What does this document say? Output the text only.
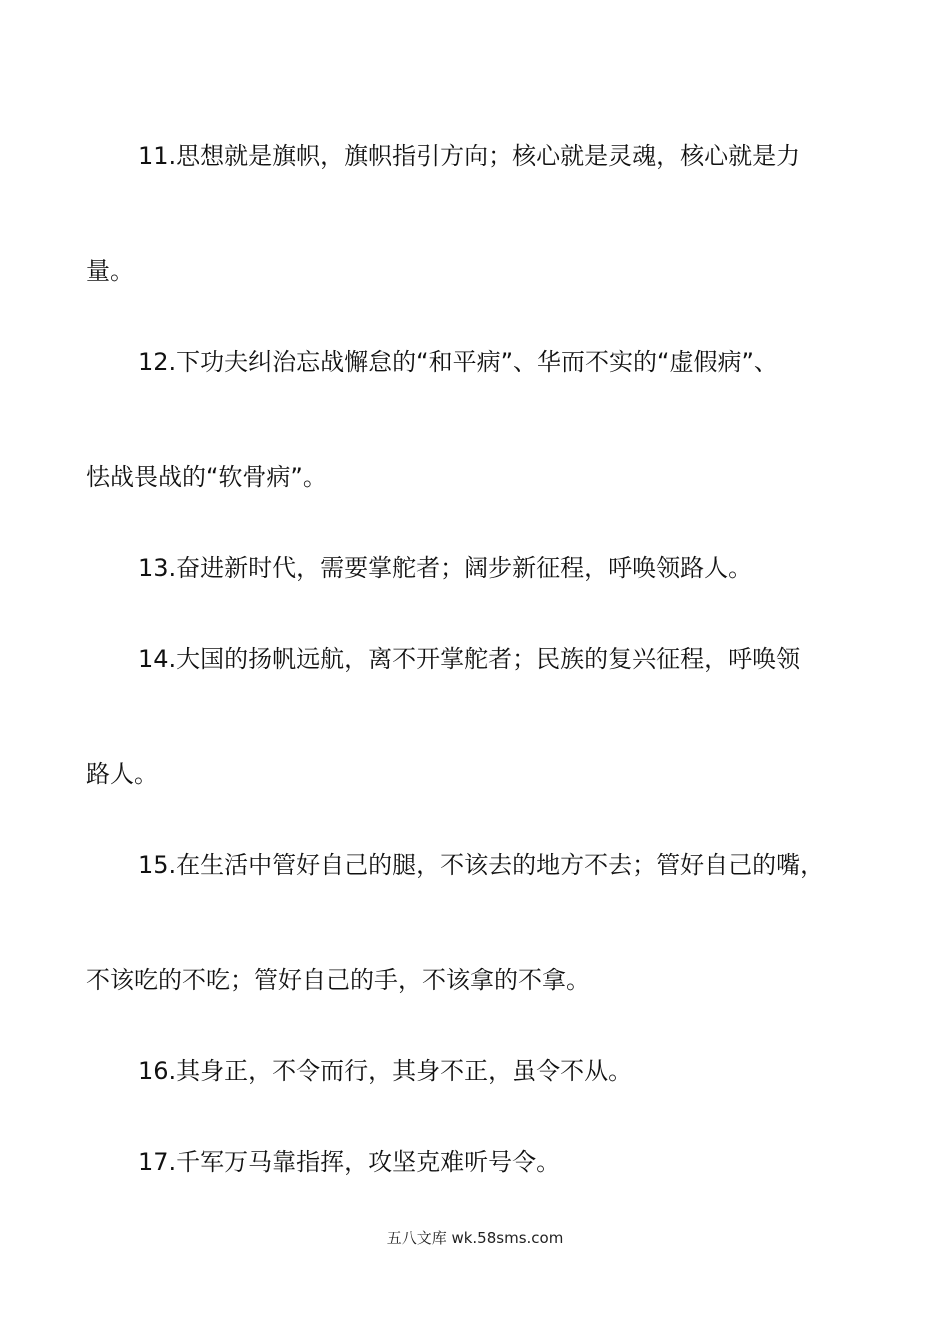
11.思想就是旗帜，旗帜指引方向；核心就是灵魂，核心就是力
量。
12.下功夫纠治忘战懈怠的“和平病”、华而不实的“虚假病”、
怯战畏战的“软骨病”。
13.奋进新时代，需要掌舵者；阔步新征程，呼唤领路人。
14.大国的扬帆远航，离不开掌舵者；民族的复兴征程，呼唤领
路人。
15.在生活中管好自己的腿，不该去的地方不去；管好自己的嘴，
不该吃的不吃；管好自己的手，不该拿的不拿。
16.其身正，不令而行，其身不正，虽令不从。
17.千军万马靠指挥，攻坚克难听号令。
五八文库 wk.58sms.com
